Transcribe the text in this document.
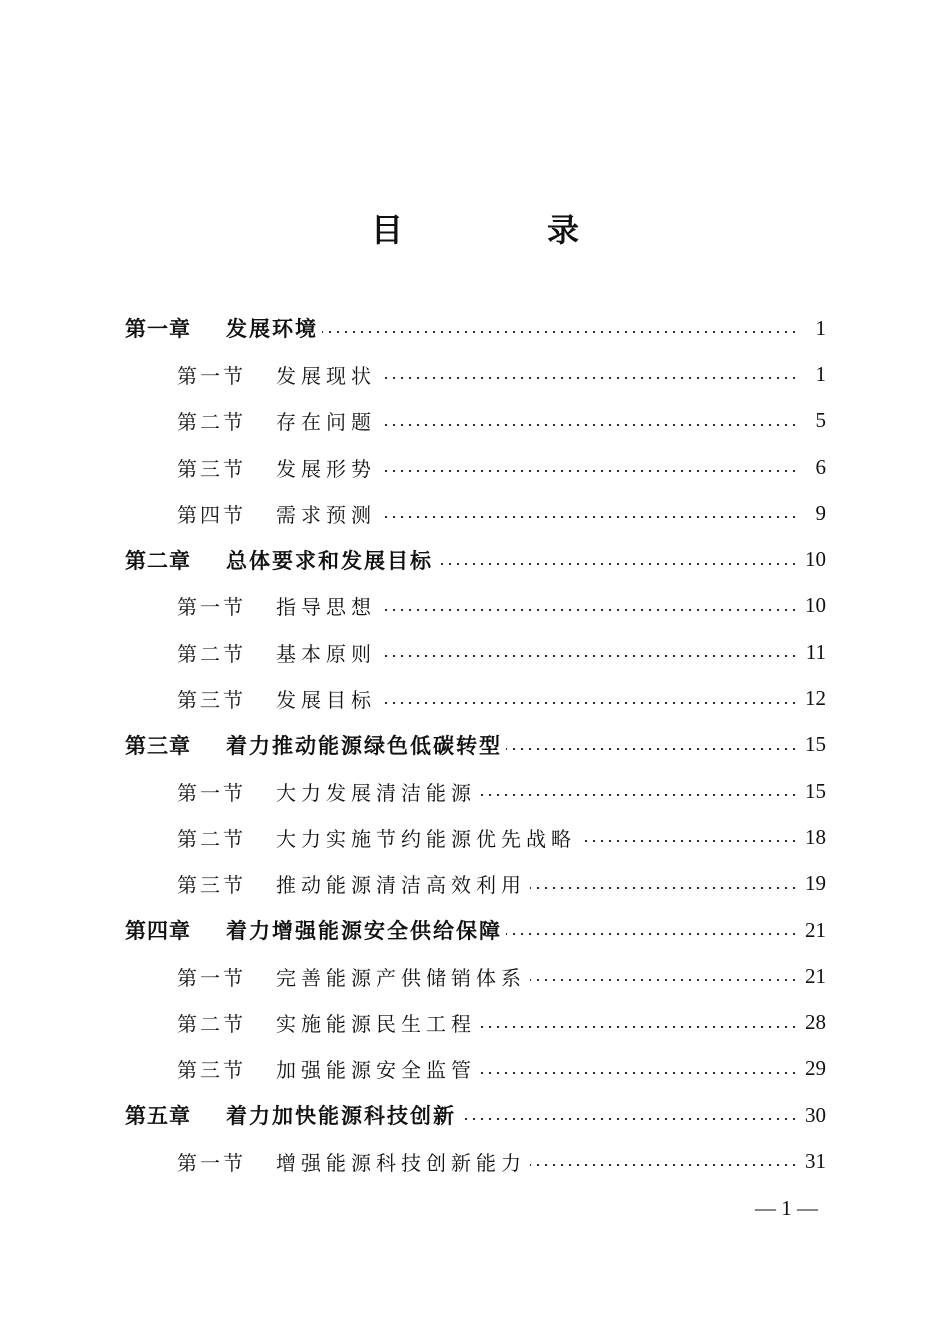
目　录
第一章	发展环境	1
第一节	发展现状	1
第二节	存在问题	5
第三节	发展形势	6
第四节	需求预测	9
第二章	总体要求和发展目标	10
第一节	指导思想	10
第二节	基本原则	11
第三节	发展目标	12
第三章	着力推动能源绿色低碳转型	15
第一节	大力发展清洁能源	15
第二节	大力实施节约能源优先战略	18
第三节	推动能源清洁高效利用	19
第四章	着力增强能源安全供给保障	21
第一节	完善能源产供储销体系	21
第二节	实施能源民生工程	28
第三节	加强能源安全监管	29
第五章	着力加快能源科技创新	30
第一节	增强能源科技创新能力	31
— 1 —
